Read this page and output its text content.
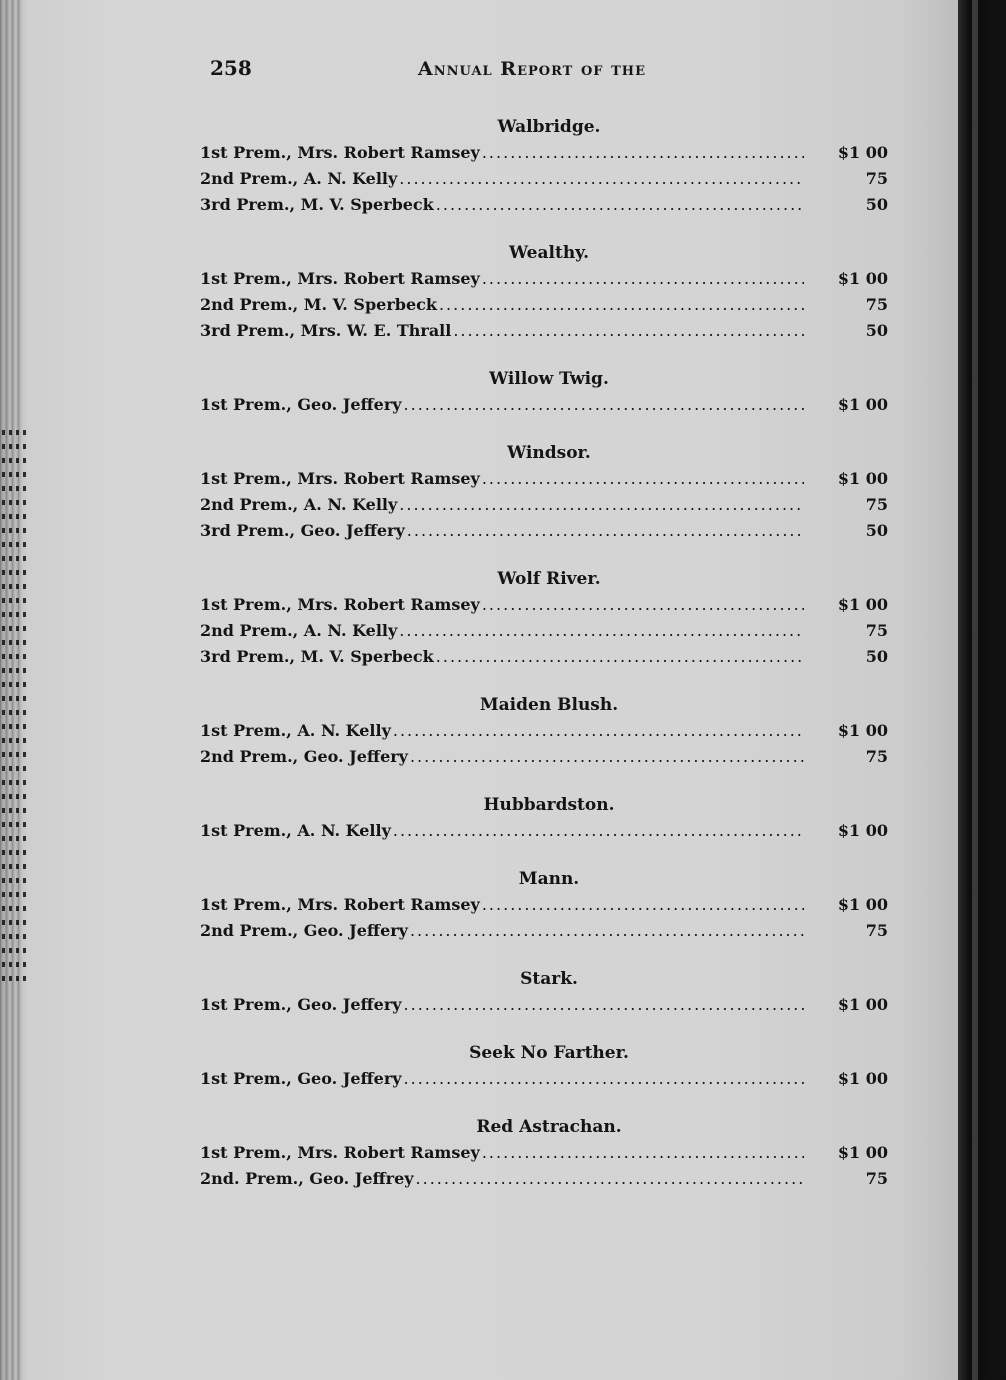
258	Annual Report of the
Walbridge.
1st Prem., Mrs. Robert Ramsey .....	$1 00
2nd Prem., A. N. Kelly .....	75
3rd Prem., M. V. Sperbeck .....	50
Wealthy.
1st Prem., Mrs. Robert Ramsey .....	$1 00
2nd Prem., M. V. Sperbeck .....	75
3rd Prem., Mrs. W. E. Thrall .....	50
Willow Twig.
1st Prem., Geo. Jeffery .....	$1 00
Windsor.
1st Prem., Mrs. Robert Ramsey .....	$1 00
2nd Prem., A. N. Kelly .....	75
3rd Prem., Geo. Jeffery .....	50
Wolf River.
1st Prem., Mrs. Robert Ramsey .....	$1 00
2nd Prem., A. N. Kelly .....	75
3rd Prem., M. V. Sperbeck .....	50
Maiden Blush.
1st Prem., A. N. Kelly .....	$1 00
2nd Prem., Geo. Jeffery .....	75
Hubbardston.
1st Prem., A. N. Kelly .....	$1 00
Mann.
1st Prem., Mrs. Robert Ramsey .....	$1 00
2nd Prem., Geo. Jeffery .....	75
Stark.
1st Prem., Geo. Jeffery .....	$1 00
Seek No Farther.
1st Prem., Geo. Jeffery .....	$1 00
Red Astrachan.
1st Prem., Mrs. Robert Ramsey .....	$1 00
2nd. Prem., Geo. Jeffrey .....	75
